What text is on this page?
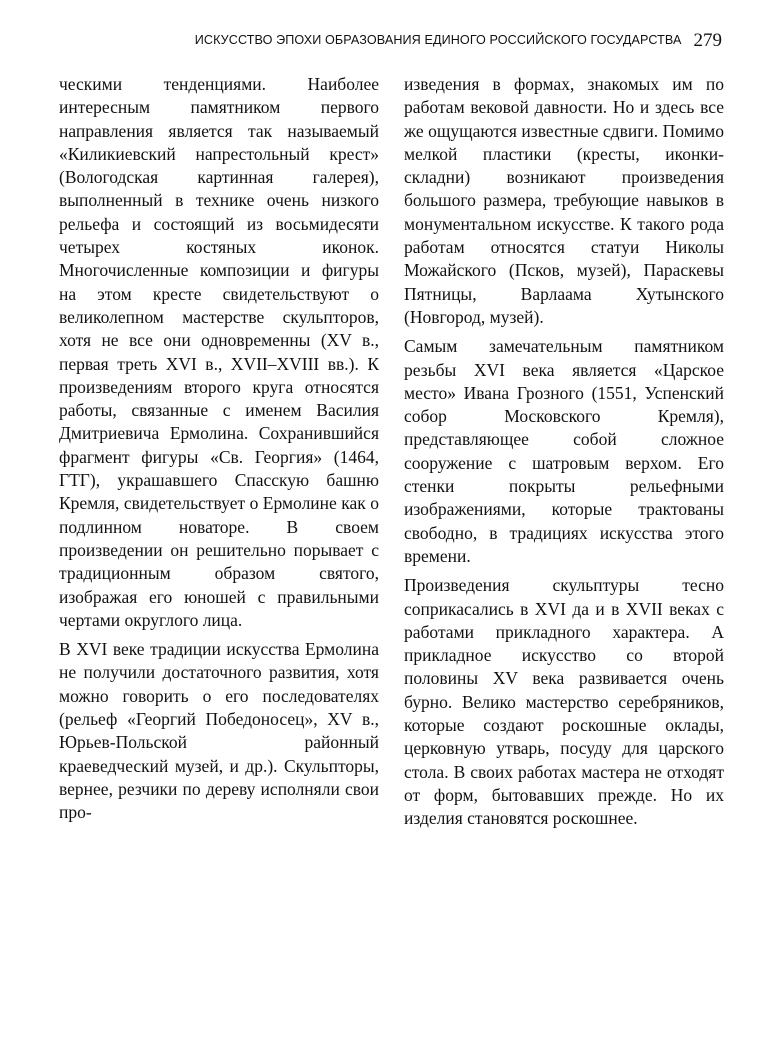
ИСКУССТВО ЭПОХИ ОБРАЗОВАНИЯ ЕДИНОГО РОССИЙСКОГО ГОСУДАРСТВА 279

ческими тенденциями. Наиболее интересным памятником первого направления является так называемый «Киликиевский напрестольный крест» (Вологодская картинная галерея), выполненный в технике очень низкого рельефа и состоящий из восьмидесяти четырех костяных иконок. Многочисленные композиции и фигуры на этом кресте свидетельствуют о великолепном мастерстве скульпторов, хотя не все они одновременны (XV в., первая треть XVI в., XVII–XVIII вв.). К произведениям второго круга относятся работы, связанные с именем Василия Дмитриевича Ермолина. Сохранившийся фрагмент фигуры «Св. Георгия» (1464, ГТГ), украшавшего Спасскую башню Кремля, свидетельствует о Ермолине как о подлинном новаторе. В своем произведении он решительно порывает с традиционным образом святого, изображая его юношей с правильными чертами округлого лица.

В XVI веке традиции искусства Ермолина не получили достаточного развития, хотя можно говорить о его последователях (рельеф «Георгий Победоносец», XV в., Юрьев-Польской районный краеведческий музей, и др.). Скульпторы, вернее, резчики по дереву исполняли свои про-

изведения в формах, знакомых им по работам вековой давности. Но и здесь все же ощущаются известные сдвиги. Помимо мелкой пластики (кресты, иконки-складни) возникают произведения большого размера, требующие навыков в монументальном искусстве. К такого рода работам относятся статуи Николы Можайского (Псков, музей), Параскевы Пятницы, Варлаама Хутынского (Новгород, музей).

Самым замечательным памятником резьбы XVI века является «Царское место» Ивана Грозного (1551, Успенский собор Московского Кремля), представляющее собой сложное сооружение с шатровым верхом. Его стенки покрыты рельефными изображениями, которые трактованы свободно, в традициях искусства этого времени.

Произведения скульптуры тесно соприкасались в XVI да и в XVII веках с работами прикладного характера. А прикладное искусство со второй половины XV века развивается очень бурно. Велико мастерство серебряников, которые создают роскошные оклады, церковную утварь, посуду для царского стола. В своих работах мастера не отходят от форм, бытовавших прежде. Но их изделия становятся роскошнее.
